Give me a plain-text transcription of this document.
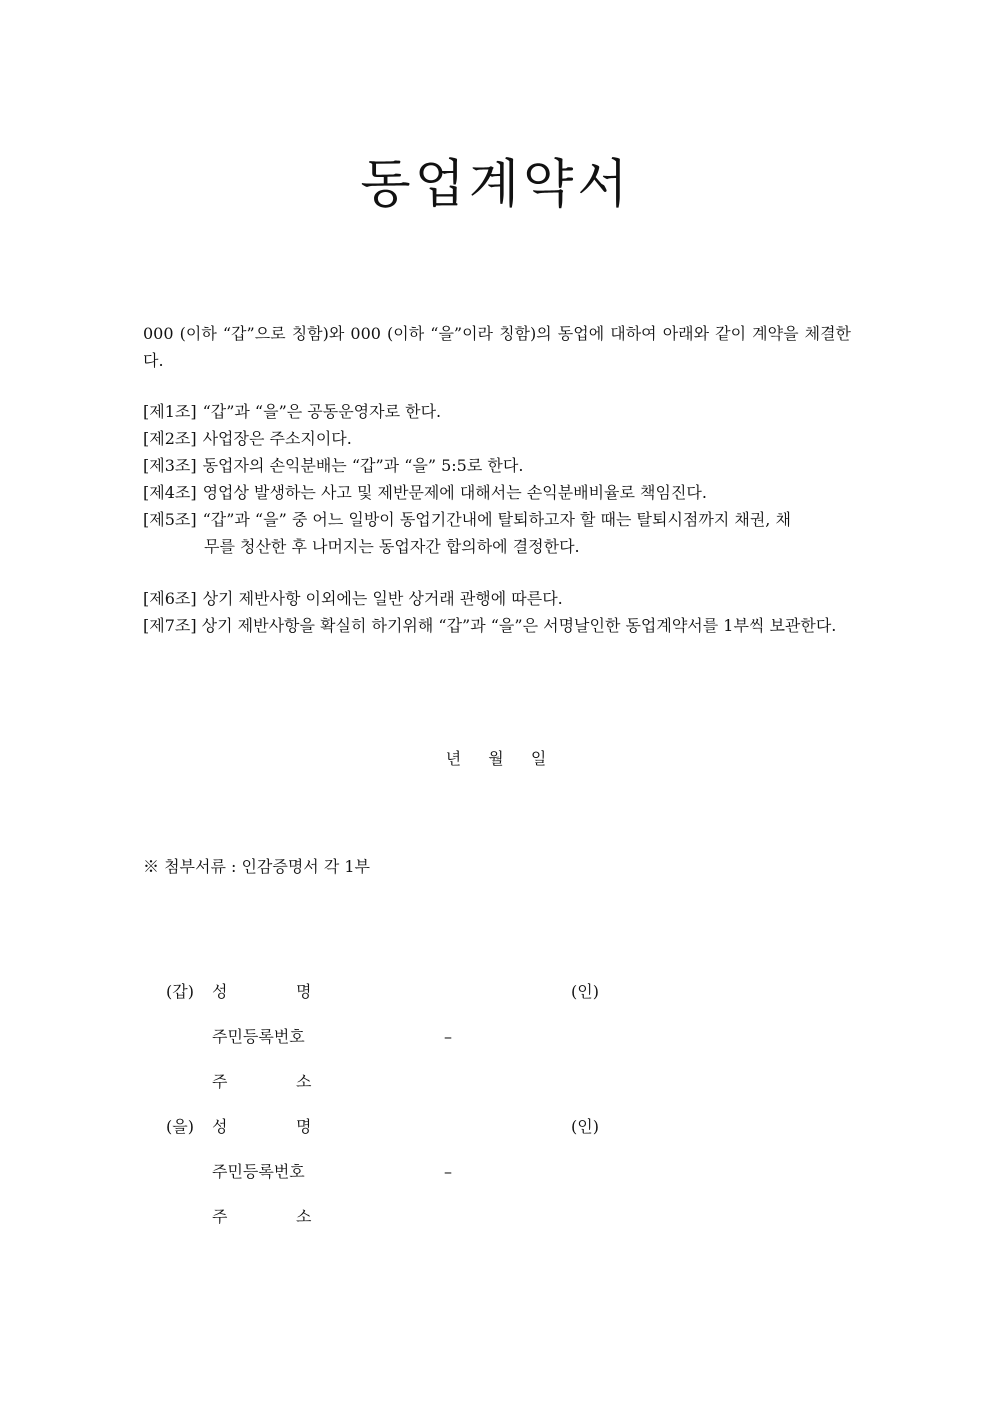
동업계약서
000 (이하 “갑”으로 칭함)와 000 (이하 “을”이라 칭함)의 동업에 대하여 아래와 같이 계약을 체결한다.
[제1조] “갑”과 “을”은 공동운영자로 한다.
[제2조] 사업장은 주소지이다.
[제3조] 동업자의 손익분배는 “갑”과 “을” 5:5로 한다.
[제4조] 영업상 발생하는 사고 및 제반문제에 대해서는 손익분배비율로 책임진다.
[제5조] “갑”과 “을” 중 어느 일방이 동업기간내에 탈퇴하고자 할 때는 탈퇴시점까지 채권, 채
무를 청산한 후 나머지는 동업자간 합의하에 결정한다.
[제6조] 상기 제반사항 이외에는 일반 상거래 관행에 따른다.
[제7조] 상기 제반사항을 확실히 하기위해 “갑”과 “을”은 서명날인한 동업계약서를 1부씩 보관한다.
년 월 일
※ 첨부서류 : 인감증명서 각 1부
(갑) 성	명	(인)
주민등록번호	–
주	소
(을) 성	명	(인)
주민등록번호	–
주	소
